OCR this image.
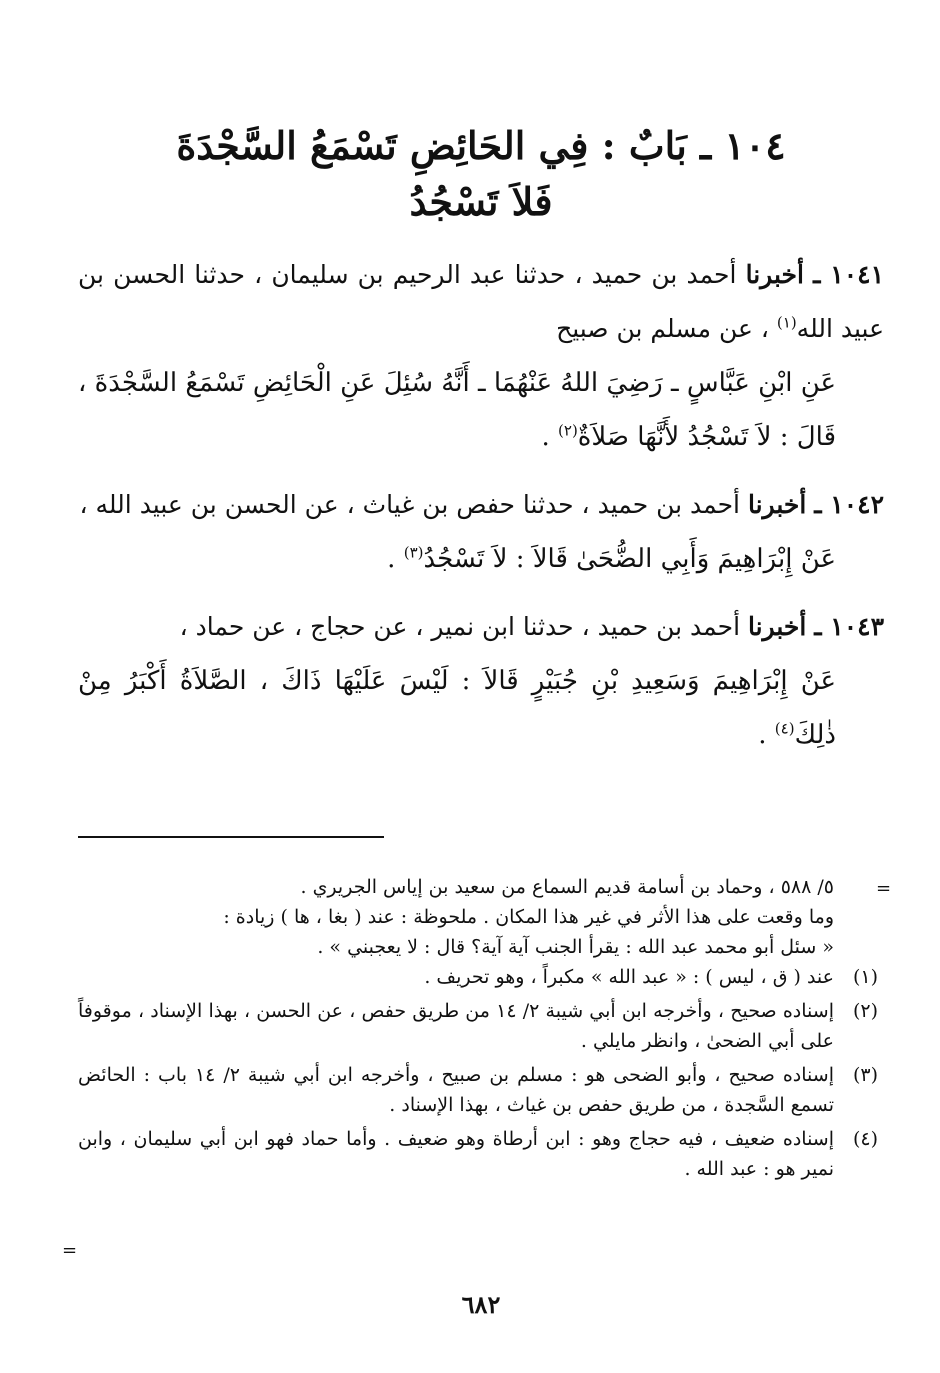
١٠٤ ـ بَابٌ : فِي الحَائِضِ تَسْمَعُ السَّجْدَةَ
فَلاَ تَسْجُدُ

١٠٤١ ـ أخبرنا أحمد بن حميد ، حدثنا عبد الرحيم بن سليمان ، حدثنا الحسن بن عبيد الله$^{(١)}$ ، عن مسلم بن صبيح

عَنِ ابْنِ عَبَّاسٍ ـ رَضِيَ اللهُ عَنْهُمَا ـ أَنَّهُ سُئِلَ عَنِ الْحَائِضِ تَسْمَعُ السَّجْدَةَ ، قَالَ : لاَ تَسْجُدُ لأَنَّهَا صَلاَةٌ$^{(٢)}$ .

١٠٤٢ ـ أخبرنا أحمد بن حميد ، حدثنا حفص بن غياث ، عن الحسن بن عبيد الله ،

عَنْ إِبْرَاهِيمَ وَأَبِي الضُّحَىٰ قَالاَ : لاَ تَسْجُدُ$^{(٣)}$ .

١٠٤٣ ـ أخبرنا أحمد بن حميد ، حدثنا ابن نمير ، عن حجاج ، عن حماد ،

عَنْ إِبْرَاهِيمَ وَسَعِيدِ بْنِ جُبَيْرٍ قَالاَ : لَيْسَ عَلَيْهَا ذَاكَ ، الصَّلاَةُ أَكْبَرُ مِنْ ذٰلِكَ$^{(٤)}$ .

٥/ ٥٨٨ ، وحماد بن أسامة قديم السماع من سعيد بن إياس الجريري .
وما وقعت على هذا الأثر في غير هذا المكان . ملحوظة : عند ( بغا ، ها ) زيادة :
« سئل أبو محمد عبد الله : يقرأ الجنب آية آية؟ قال : لا يعجبني » .
(١)
عند ( ق ، ليس ) : « عبد الله » مكبراً ، وهو تحريف .
(٢)
إسناده صحيح ، وأخرجه ابن أبي شيبة ٢/ ١٤ من طريق حفص ، عن الحسن ، بهذا الإسناد ، موقوفاً على أبي الضحىٰ ، وانظر مايلي .
(٣)
إسناده صحيح ، وأبو الضحى هو : مسلم بن صبيح ، وأخرجه ابن أبي شيبة ٢/ ١٤ باب : الحائض تسمع السَّجدة ، من طريق حفص بن غياث ، بهذا الإسناد .
(٤)
إسناده ضعيف ، فيه حجاج وهو : ابن أرطاة وهو ضعيف . وأما حماد فهو ابن أبي سليمان ، وابن نمير هو : عبد الله .
٦٨٢
=
=
